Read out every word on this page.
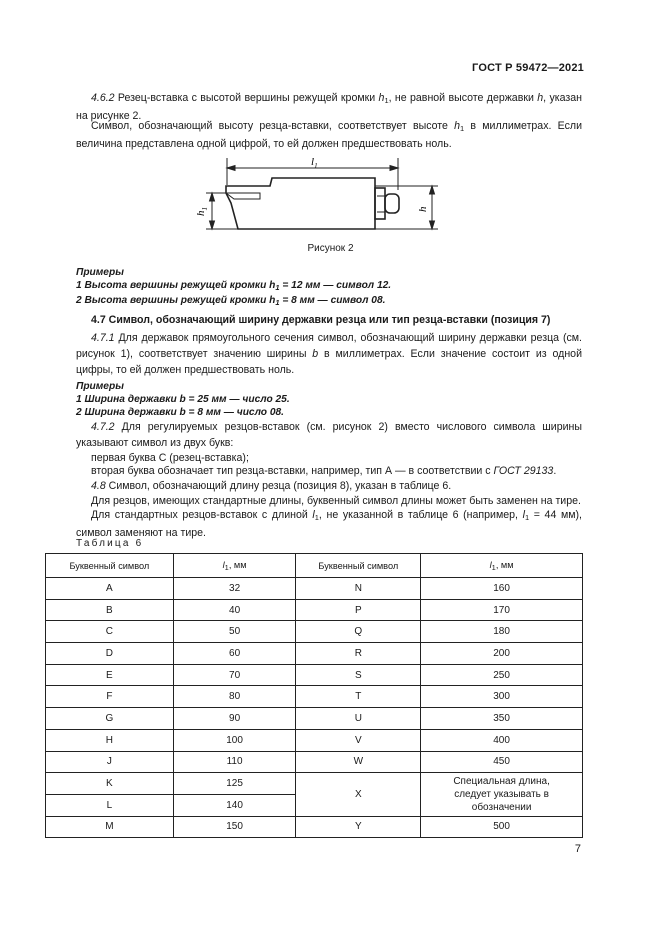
ГОСТ Р 59472—2021
4.6.2 Резец-вставка с высотой вершины режущей кромки $h_1$, не равной высоте державки h, указан на рисунке 2.
Символ, обозначающий высоту резца-вставки, соответствует высоте $h_1$ в миллиметрах. Если величина представлена одной цифрой, то ей должен предшествовать ноль.
$l_1$
$h_1$	h
Рисунок 2
Примеры
1 Высота вершины режущей кромки $h_1 = 12$ мм — символ 12.
2 Высота вершины режущей кромки $h_1 = 8$ мм — символ 08.
4.7 Символ, обозначающий ширину державки резца или тип резца-вставки (позиция 7)
4.7.1 Для державок прямоугольного сечения символ, обозначающий ширину державки резца (см. рисунок 1), соответствует значению ширины b в миллиметрах. Если значение состоит из одной цифры, то ей должен предшествовать ноль.
Примеры
1 Ширина державки b = 25 мм — число 25.
2 Ширина державки b = 8 мм — число 08.
4.7.2 Для регулируемых резцов-вставок (см. рисунок 2) вместо числового символа ширины указывают символ из двух букв:
первая буква С (резец-вставка);
вторая буква обозначает тип резца-вставки, например, тип А — в соответствии с ГОСТ 29133.
4.8 Символ, обозначающий длину резца (позиция 8), указан в таблице 6.
Для резцов, имеющих стандартные длины, буквенный символ длины может быть заменен на тире.
Для стандартных резцов-вставок с длиной $l_1$, не указанной в таблице 6 (например, $l_1 = 44$ мм), символ заменяют на тире.
Таблица 6
Буквенный символ	$l_1$, мм	Буквенный символ	$l_1$, мм
A	32	N	160
B	40	P	170
C	50	Q	180
D	60	R	200
E	70	S	250
F	80	T	300
G	90	U	350
H	100	V	400
J	110	W	450
K	125	X	Специальная длина, следует указывать в обозначении
L	140		
M	150	Y	500
7
